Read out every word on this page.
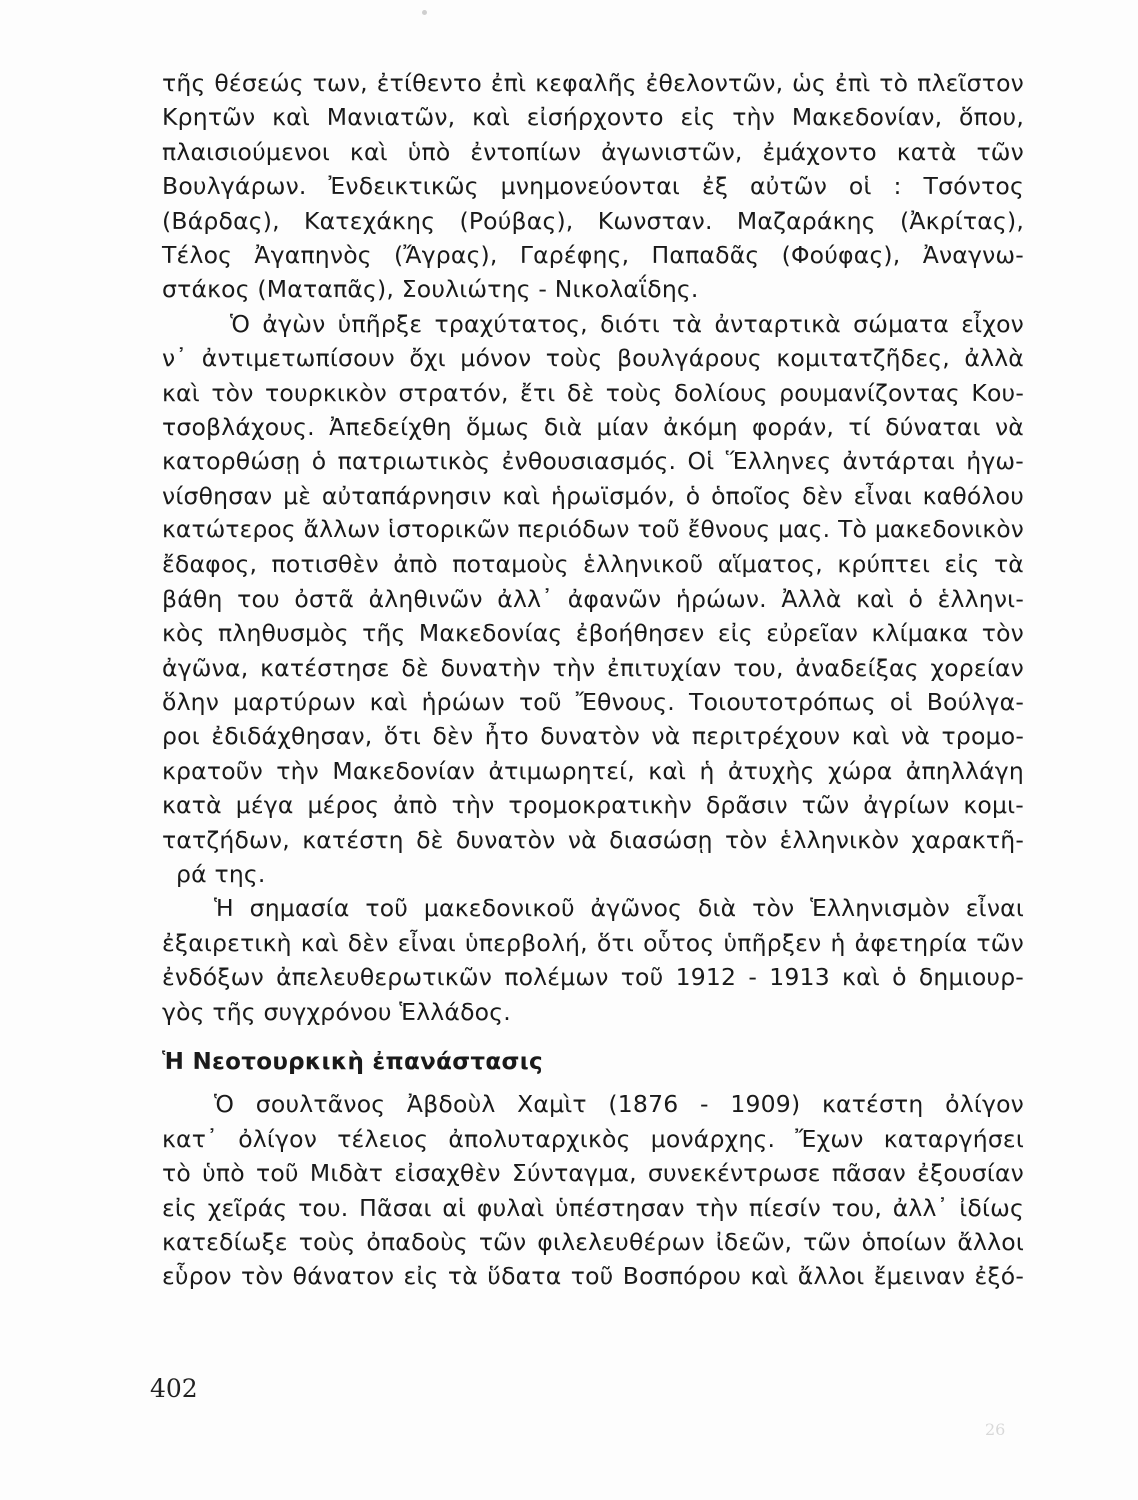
τῆς θέσεώς των, ἐτίθεντο ἐπὶ κεφαλῆς ἐθελοντῶν, ὡς ἐπὶ τὸ πλεῖστον
Κρητῶν καὶ Μανιατῶν, καὶ εἰσήρχοντο εἰς τὴν Μακεδονίαν, ὅπου,
πλαισιούμενοι καὶ ὑπὸ ἐντοπίων ἀγωνιστῶν, ἐμάχοντο κατὰ τῶν
Βουλγάρων. Ἐνδεικτικῶς μνημονεύονται ἐξ αὐτῶν οἱ : Τσόντος
(Βάρδας), Κατεχάκης (Ρούβας), Κωνσταν. Μαζαράκης (Ἀκρίτας),
Τέλος Ἀγαπηνὸς (Ἄγρας), Γαρέφης, Παπαδᾶς (Φούφας), Ἀναγνω-
στάκος (Ματαπᾶς), Σουλιώτης - Νικολαΐδης.
Ὁ ἀγὼν ὑπῆρξε τραχύτατος, διότι τὰ ἀνταρτικὰ σώματα εἶχον
ν᾽ ἀντιμετωπίσουν ὄχι μόνον τοὺς βουλγάρους κομιτατζῆδες, ἀλλὰ
καὶ τὸν τουρκικὸν στρατόν, ἔτι δὲ τοὺς δολίους ρουμανίζοντας Κου-
τσοβλάχους. Ἀπεδείχθη ὅμως διὰ μίαν ἀκόμη φοράν, τί δύναται νὰ
κατορθώσῃ ὁ πατριωτικὸς ἐνθουσιασμός. Οἱ Ἕλληνες ἀντάρται ἠγω-
νίσθησαν μὲ αὐταπάρνησιν καὶ ἡρωϊσμόν, ὁ ὁποῖος δὲν εἶναι καθόλου
κατώτερος ἄλλων ἱστορικῶν περιόδων τοῦ ἔθνους μας. Τὸ μακεδονικὸν
ἔδαφος, ποτισθὲν ἀπὸ ποταμοὺς ἑλληνικοῦ αἵματος, κρύπτει εἰς τὰ
βάθη του ὀστᾶ ἀληθινῶν ἀλλ᾽ ἀφανῶν ἡρώων. Ἀλλὰ καὶ ὁ ἑλληνι-
κὸς πληθυσμὸς τῆς Μακεδονίας ἐβοήθησεν εἰς εὐρεῖαν κλίμακα τὸν
ἀγῶνα, κατέστησε δὲ δυνατὴν τὴν ἐπιτυχίαν του, ἀναδείξας χορείαν
ὅλην μαρτύρων καὶ ἡρώων τοῦ Ἔθνους. Τοιουτοτρόπως οἱ Βούλγα-
ροι ἐδιδάχθησαν, ὅτι δὲν ἦτο δυνατὸν νὰ περιτρέχουν καὶ νὰ τρομο-
κρατοῦν τὴν Μακεδονίαν ἀτιμωρητεί, καὶ ἡ ἀτυχὴς χώρα ἀπηλλάγη
κατὰ μέγα μέρος ἀπὸ τὴν τρομοκρατικὴν δρᾶσιν τῶν ἀγρίων κομι-
τατζήδων, κατέστη δὲ δυνατὸν νὰ διασώσῃ τὸν ἑλληνικὸν χαρακτῆ-
ρά της.
Ἡ σημασία τοῦ μακεδονικοῦ ἀγῶνος διὰ τὸν Ἑλληνισμὸν εἶναι
ἐξαιρετικὴ καὶ δὲν εἶναι ὑπερβολή, ὅτι οὗτος ὑπῆρξεν ἡ ἀφετηρία τῶν
ἐνδόξων ἀπελευθερωτικῶν πολέμων τοῦ 1912 - 1913 καὶ ὁ δημιουρ-
γὸς τῆς συγχρόνου Ἑλλάδος.
Ἡ Νεοτουρκικὴ ἐπανάστασις
Ὁ σουλτᾶνος Ἀβδοὺλ Χαμὶτ (1876 - 1909) κατέστη ὀλίγον
κατ᾽ ὀλίγον τέλειος ἀπολυταρχικὸς μονάρχης. Ἔχων καταργήσει
τὸ ὑπὸ τοῦ Μιδὰτ εἰσαχθὲν Σύνταγμα, συνεκέντρωσε πᾶσαν ἐξουσίαν
εἰς χεῖράς του. Πᾶσαι αἱ φυλαὶ ὑπέστησαν τὴν πίεσίν του, ἀλλ᾽ ἰδίως
κατεδίωξε τοὺς ὀπαδοὺς τῶν φιλελευθέρων ἰδεῶν, τῶν ὁποίων ἄλλοι
εὗρον τὸν θάνατον εἰς τὰ ὕδατα τοῦ Βοσπόρου καὶ ἄλλοι ἔμειναν ἐξό-
402
26
